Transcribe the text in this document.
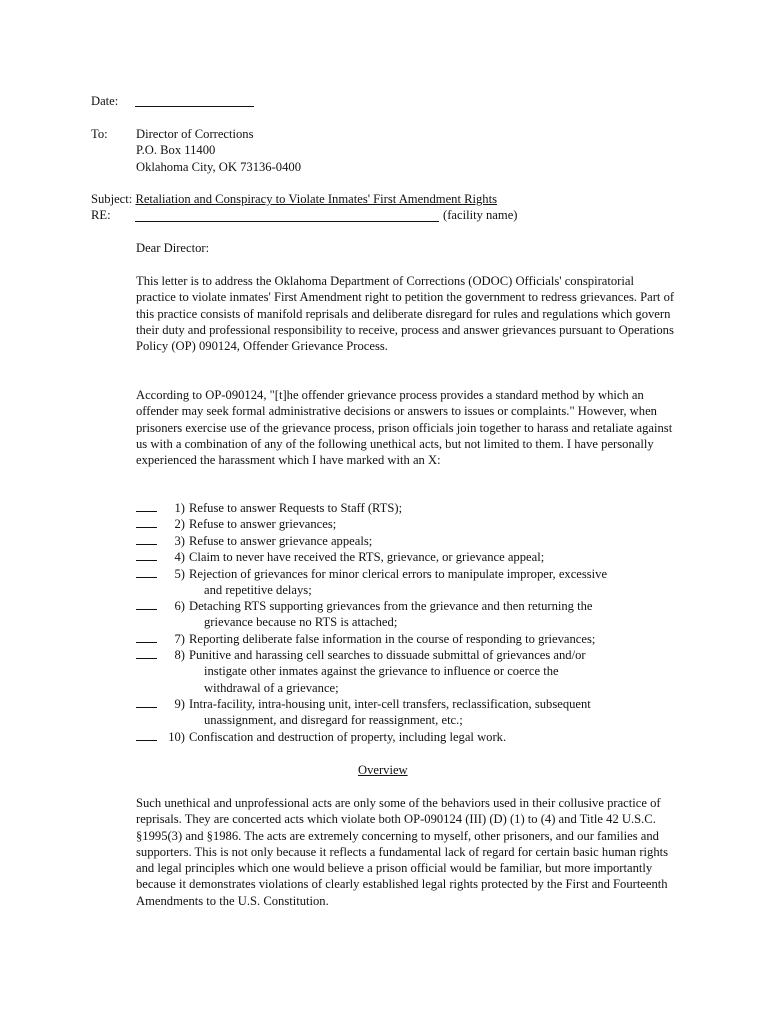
Date:
To: Director of Corrections
P.O. Box 11400
Oklahoma City, OK 73136-0400
Subject: Retaliation and Conspiracy to Violate Inmates' First Amendment Rights
RE:	(facility name)
Dear Director:
This letter is to address the Oklahoma Department of Corrections (ODOC) Officials' conspiratorial practice to violate inmates' First Amendment right to petition the government to redress grievances. Part of this practice consists of manifold reprisals and deliberate disregard for rules and regulations which govern their duty and professional responsibility to receive, process and answer grievances pursuant to Operations Policy (OP) 090124, Offender Grievance Process.
According to OP-090124, "[t]he offender grievance process provides a standard method by which an offender may seek formal administrative decisions or answers to issues or complaints." However, when prisoners exercise use of the grievance process, prison officials join together to harass and retaliate against us with a combination of any of the following unethical acts, but not limited to them. I have personally experienced the harassment which I have marked with an X:
1) Refuse to answer Requests to Staff (RTS);
2) Refuse to answer grievances;
3) Refuse to answer grievance appeals;
4) Claim to never have received the RTS, grievance, or grievance appeal;
5) Rejection of grievances for minor clerical errors to manipulate improper, excessive
and repetitive delays;
6) Detaching RTS supporting grievances from the grievance and then returning the
grievance because no RTS is attached;
7) Reporting deliberate false information in the course of responding to grievances;
8) Punitive and harassing cell searches to dissuade submittal of grievances and/or
instigate other inmates against the grievance to influence or coerce the
withdrawal of a grievance;
9) Intra-facility, intra-housing unit, inter-cell transfers, reclassification, subsequent
unassignment, and disregard for reassignment, etc.;
10) Confiscation and destruction of property, including legal work.
Overview
Such unethical and unprofessional acts are only some of the behaviors used in their collusive practice of reprisals. They are concerted acts which violate both OP-090124 (III) (D) (1) to (4) and Title 42 U.S.C. §1995(3) and §1986. The acts are extremely concerning to myself, other prisoners, and our families and supporters. This is not only because it reflects a fundamental lack of regard for certain basic human rights and legal principles which one would believe a prison official would be familiar, but more importantly because it demonstrates violations of clearly established legal rights protected by the First and Fourteenth Amendments to the U.S. Constitution.
